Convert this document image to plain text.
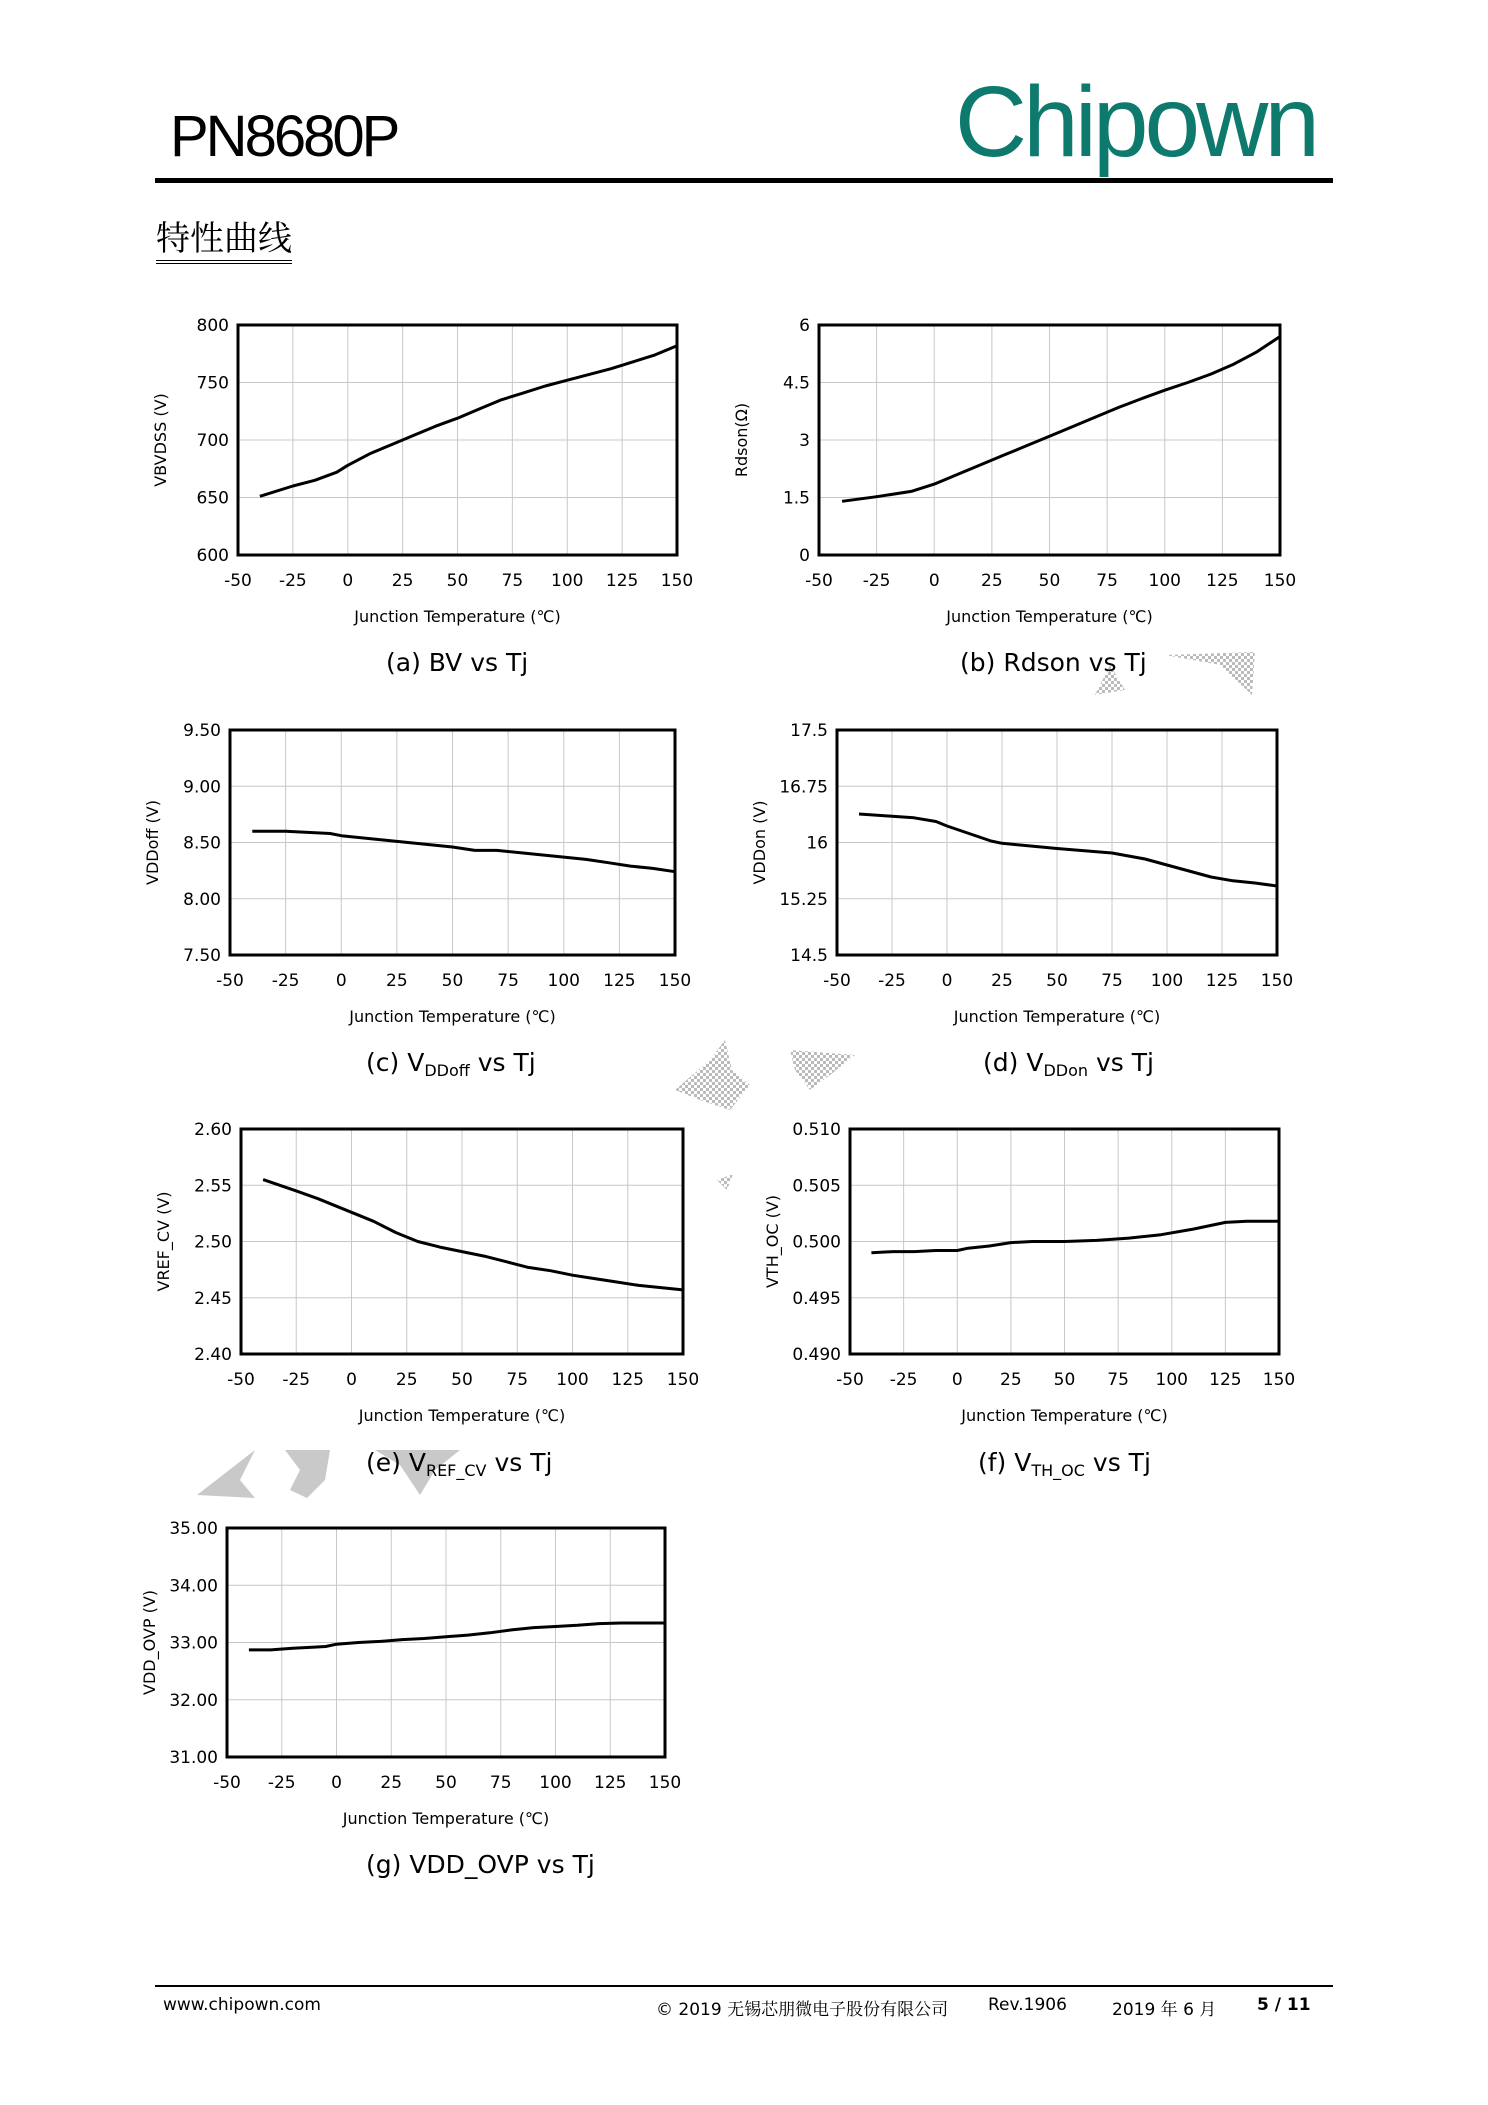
PN8680P	Chipown
特性曲线
-50 -25 0 25 50 75 100 125 150
600
650
700
750
800
Junction Temperature (℃)
VBVDSS (V)
-50 -25 0 25 50 75 100 125 150
0
1.5
3
4.5
6
Junction Temperature (℃)
Rdson(Ω)
-50 -25 0 25 50 75 100 125 150
7.50
8.00
8.50
9.00
9.50
Junction Temperature (℃)
VDDoff (V)
-50 -25 0 25 50 75 100 125 150
14.5
15.25
16
16.75
17.5
Junction Temperature (℃)
VDDon (V)
-50 -25 0 25 50 75 100 125 150
2.40
2.45
2.50
2.55
2.60
Junction Temperature (℃)
VREF_CV (V)
-50 -25 0 25 50 75 100 125 150
0.490
0.495
0.500
0.505
0.510
Junction Temperature (℃)
VTH_OC (V)
-50 -25 0 25 50 75 100 125 150
31.00
32.00
33.00
34.00
35.00
Junction Temperature (℃)
VDD_OVP (V)
www.chipown.com	© 2019 无锡芯朋微电子股份有限公司 Rev.1906	2019 年 6 月 5 / 11
(a) BV vs Tj	(b) Rdson vs Tj
(c) $V_{DDoff}$ vs Tj	(d) $V_{DDon}$ vs Tj
(e) $V_{REF\_CV}$ vs Tj	(f) $V_{TH\_OC}$ vs Tj
(g) VDD_OVP vs Tj
